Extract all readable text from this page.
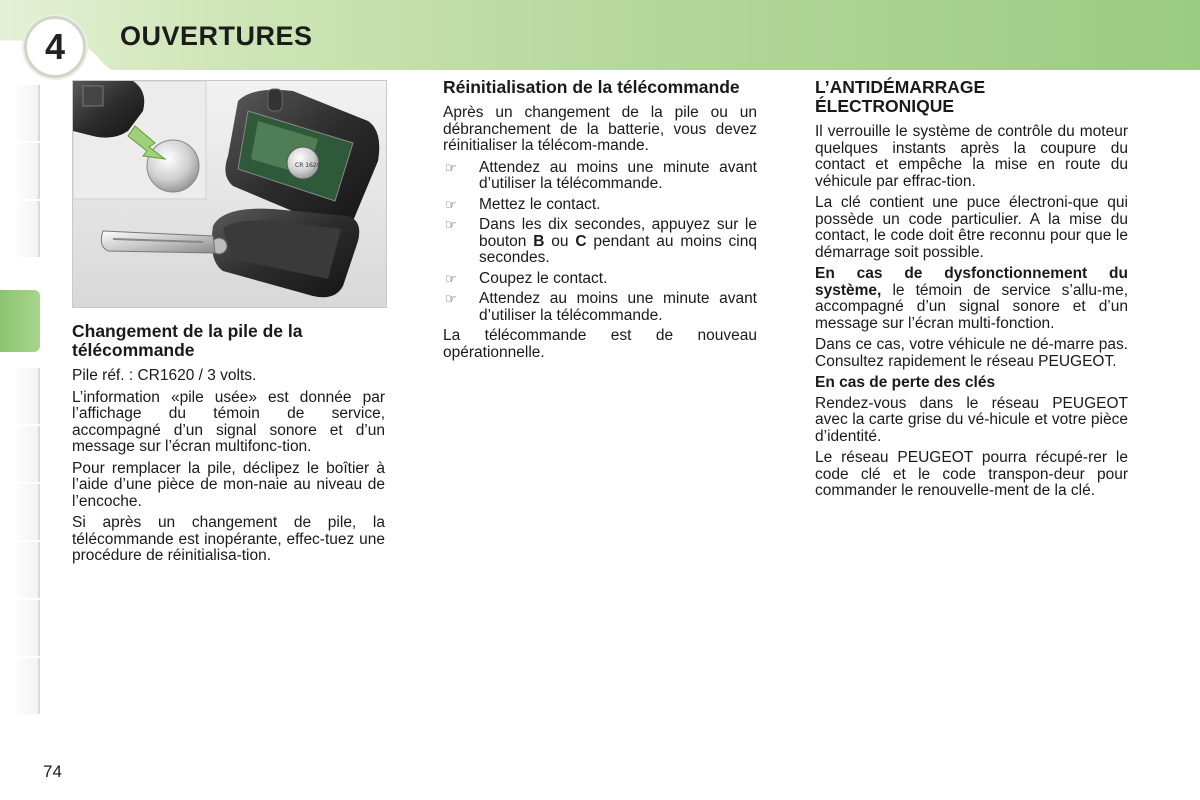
4	OUVERTURES
CR 1620
Changement de la pile de la télécommande

Pile réf. : CR1620 / 3 volts.

L’information «pile usée» est donnée par l’affichage du témoin de service, accompagné d’un signal sonore et d’un message sur l’écran multifonc-tion.

Pour remplacer la pile, déclipez le boîtier à l’aide d’une pièce de mon-naie au niveau de l’encoche.

Si après un changement de pile, la télécommande est inopérante, effec-tuez une procédure de réinitialisa-tion.

Réinitialisation de la télécommande

Après un changement de la pile ou un débranchement de la batterie, vous devez réinitialiser la télécom-mande.

☞ Attendez au moins une minute avant d’utiliser la télécommande.
☞ Mettez le contact.
☞ Dans les dix secondes, appuyez sur le bouton B ou C pendant au moins cinq secondes.
☞ Coupez le contact.
☞ Attendez au moins une minute avant d’utiliser la télécommande.

La télécommande est de nouveau opérationnelle.

L’ANTIDÉMARRAGE ÉLECTRONIQUE

Il verrouille le système de contrôle du moteur quelques instants après la coupure du contact et empêche la mise en route du véhicule par effrac-tion.

La clé contient une puce électroni-que qui possède un code particulier. A la mise du contact, le code doit être reconnu pour que le démarrage soit possible.

En cas de dysfonctionnement du système, le témoin de service s’allu-me, accompagné d’un signal sonore et d’un message sur l’écran multi-fonction.

Dans ce cas, votre véhicule ne dé-marre pas. Consultez rapidement le réseau PEUGEOT.

En cas de perte des clés

Rendez-vous dans le réseau PEUGEOT avec la carte grise du vé-hicule et votre pièce d’identité.

Le réseau PEUGEOT pourra récupé-rer le code clé et le code transpon-deur pour commander le renouvelle-ment de la clé.

74
